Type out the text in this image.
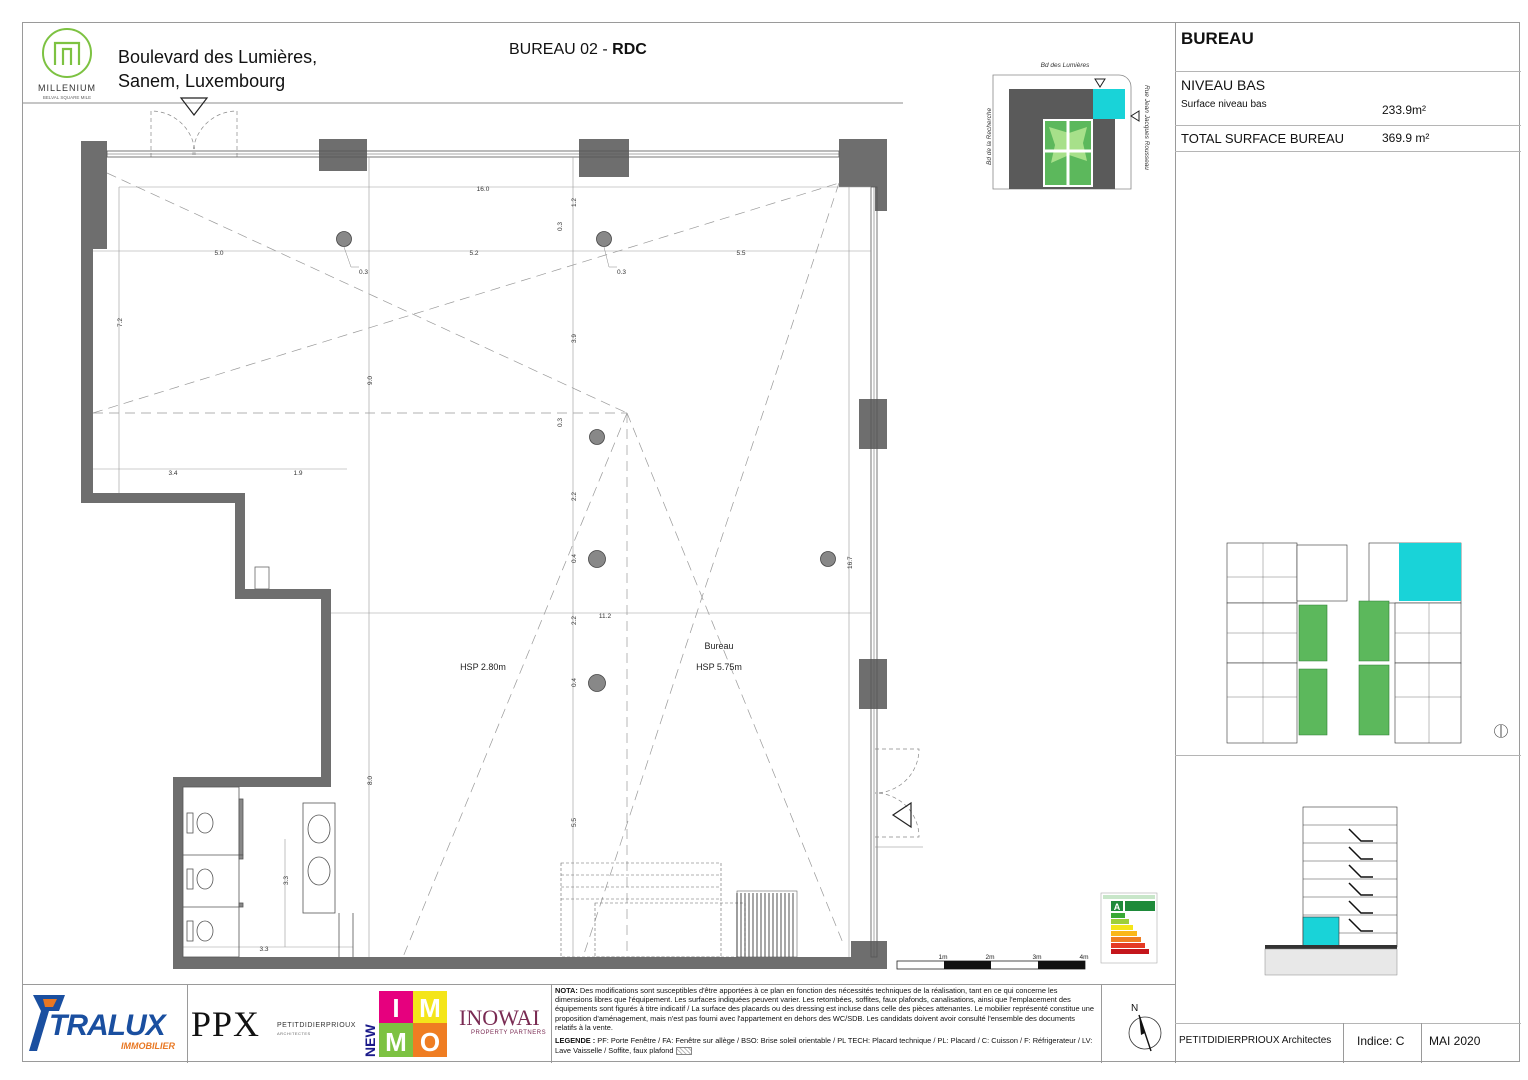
MILLENIUM
BELVAL SQUARE MILE
Boulevard des Lumières,
Sanem, Luxembourg
BUREAU 02 - RDC
16.0
5.0	5.2	5.5
0.3	0.3
3.4	1.9
11.2
3.3
7.2
9.0
1.2
0.3
3.9
0.3
2.2
0.4	16.7
2.2
0.4
8.0
5.5
3.3
HSP 2.80m
Bureau
HSP 5.75m
Bd des Lumières
Bd de la Recherche	Rue Jean Jacques Rousseau
A
1m	2m	3m	4m
BUREAU
NIVEAU BAS
Surface niveau bas	233.9m²
TOTAL SURFACE BUREAU	369.9 m²
TRALUX
IMMOBILIER
PPX PETITDIDIERPRIOUX
ARCHITECTES	NEW
I M
M O
INOWAI
PROPERTY PARTNERS
NOTA: Des modifications sont susceptibles d'être apportées à ce plan en fonction des nécessités techniques de la réalisation, tant en ce qui concerne les dimensions libres que l'équipement. Les surfaces indiquées peuvent varier. Les retombées, soffites, faux plafonds, canalisations, ainsi que l'emplacement des équipements sont figurés à titre indicatif / La surface des placards ou des dressing est incluse dans celle des pièces attenantes. Le mobilier représenté constitue une proposition d'aménagement, mais n'est pas fourni avec l'appartement en dehors des WC/SDB. Les candidats doivent avoir consulté l'ensemble des documents relatifs à la vente.
LEGENDE : PF: Porte Fenêtre / FA: Fenêtre sur allège / BSO: Brise soleil orientable / PL TECH: Placard technique / PL: Placard / C: Cuisson / F: Réfrigerateur / LV: Lave Vaisselle / Soffite, faux plafond
N
PETITDIDIERPRIOUX Architectes Indice: C MAI 2020
